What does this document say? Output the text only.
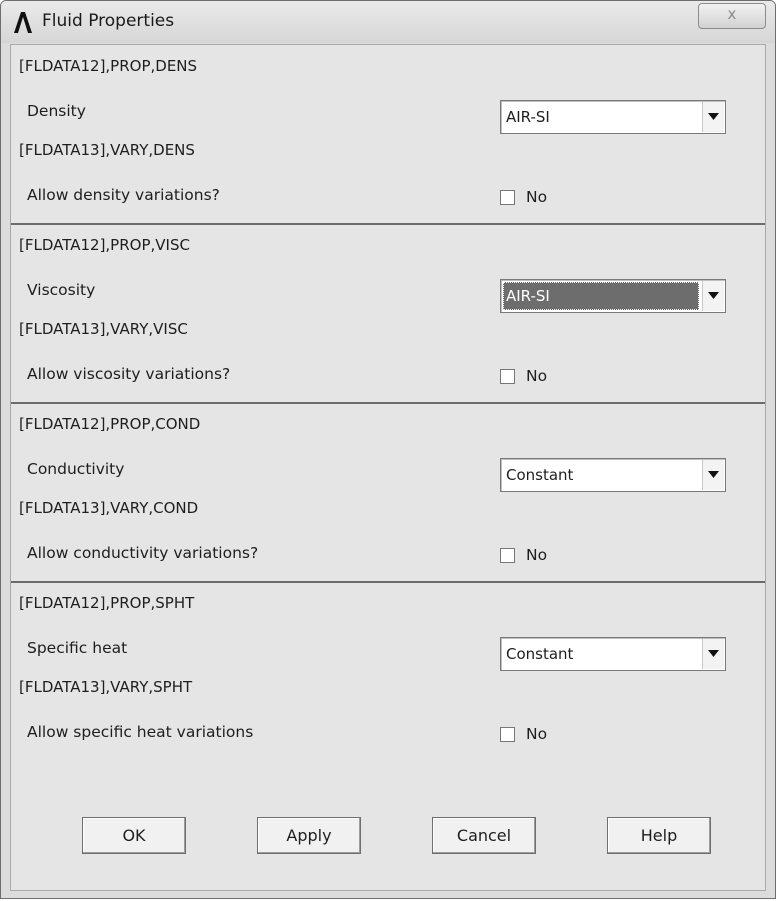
Fluid Properties	x
[FLDATA12],PROP,DENS
Density	AIR-SI
[FLDATA13],VARY,DENS
Allow density variations?	No
[FLDATA12],PROP,VISC
Viscosity	AIR-SI
[FLDATA13],VARY,VISC
Allow viscosity variations?	No
[FLDATA12],PROP,COND
Conductivity	Constant
[FLDATA13],VARY,COND
Allow conductivity variations?	No
[FLDATA12],PROP,SPHT
Specific heat	Constant
[FLDATA13],VARY,SPHT
Allow specific heat variations	No
OK	Apply	Cancel	Help
